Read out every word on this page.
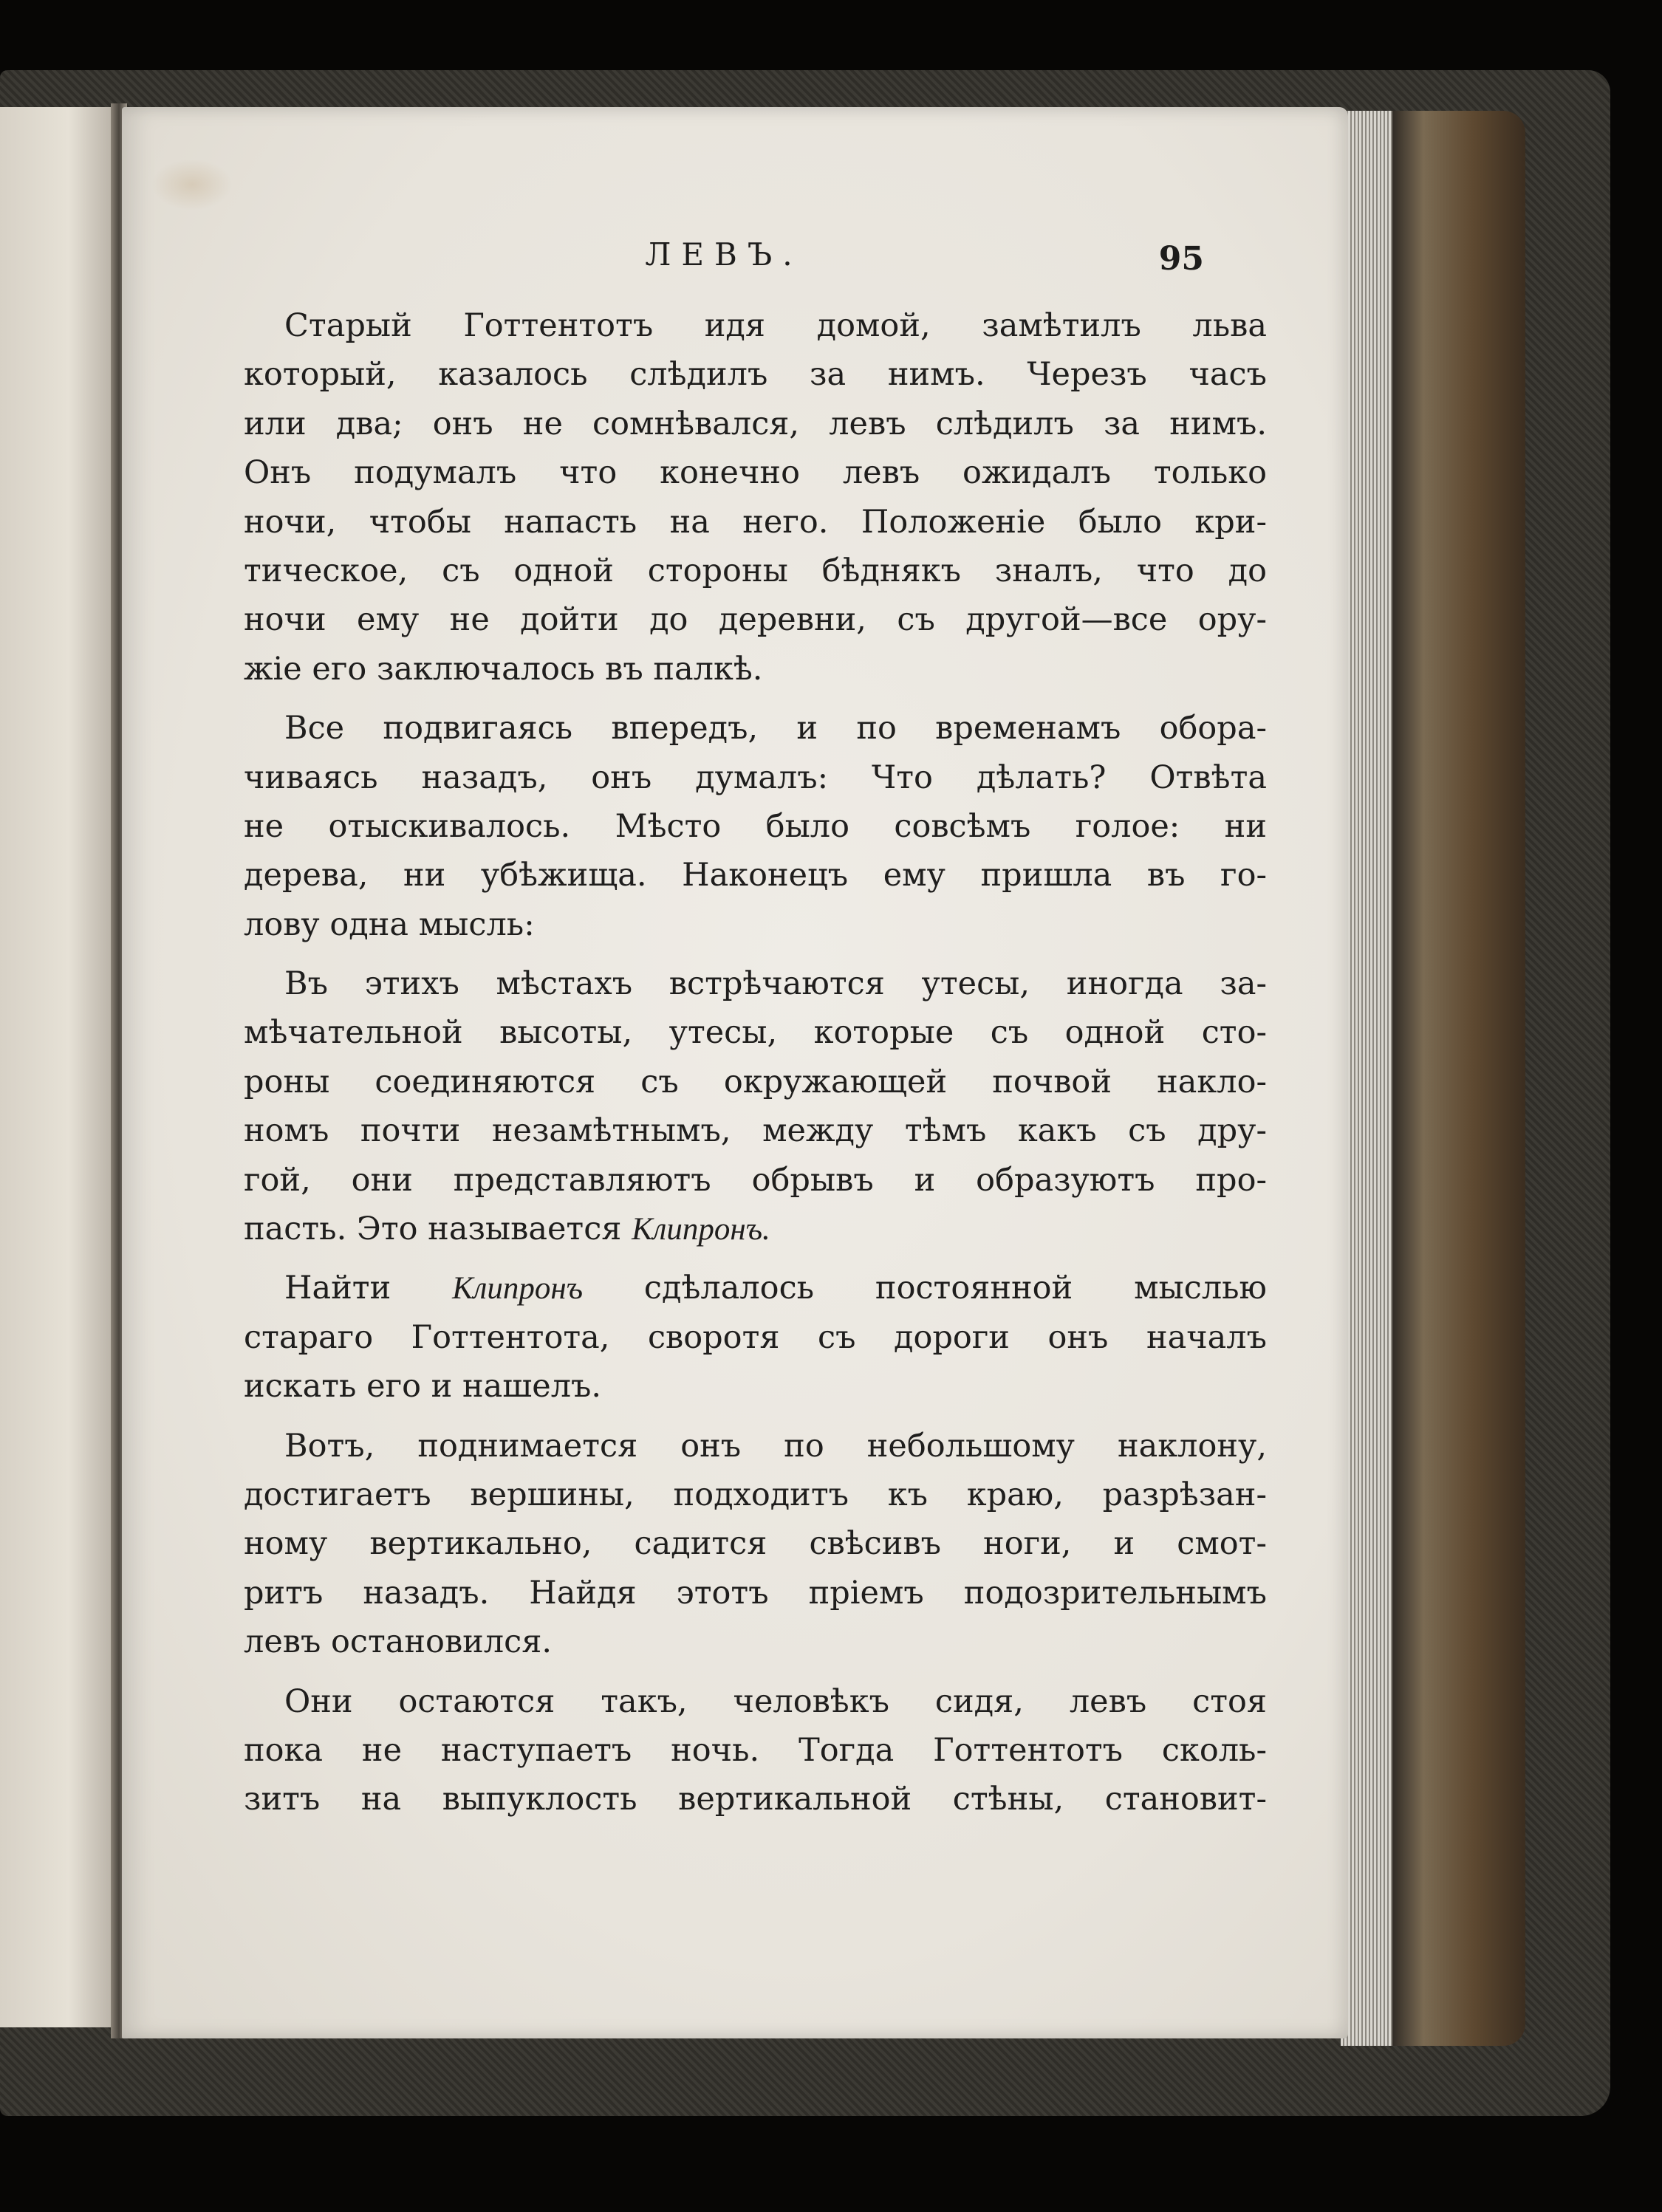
ЛЕВЪ.	95
Старый Готтентотъ идя домой, замѣтилъ льва
который, казалось слѣдилъ за нимъ. Черезъ часъ
или два; онъ не сомнѣвался, левъ слѣдилъ за нимъ.
Онъ подумалъ что конечно левъ ожидалъ только
ночи, чтобы напасть на него. Положеніе было кри-
тическое, съ одной стороны бѣднякъ зналъ, что до
ночи ему не дойти до деревни, съ другой—все ору-
жіе его заключалось въ палкѣ.
Все подвигаясь впередъ, и по временамъ обора-
чиваясь назадъ, онъ думалъ: Что дѣлать? Отвѣта
не отыскивалось. Мѣсто было совсѣмъ голое: ни
дерева, ни убѣжища. Наконецъ ему пришла въ го-
лову одна мысль:
Въ этихъ мѣстахъ встрѣчаются утесы, иногда за-
мѣчательной высоты, утесы, которые съ одной сто-
роны соединяются съ окружающей почвой накло-
номъ почти незамѣтнымъ, между тѣмъ какъ съ дру-
гой, они представляютъ обрывъ и образуютъ про-
пасть. Это называется Клипронъ.
Найти Клипронъ сдѣлалось постоянной мыслью
стараго Готтентота, своротя съ дороги онъ началъ
искать его и нашелъ.
Вотъ, поднимается онъ по небольшому наклону,
достигаетъ вершины, подходитъ къ краю, разрѣзан-
ному вертикально, садится свѣсивъ ноги, и смот-
ритъ назадъ. Найдя этотъ пріемъ подозрительнымъ
левъ остановился.
Они остаются такъ, человѣкъ сидя, левъ стоя
пока не наступаетъ ночь. Тогда Готтентотъ сколь-
зитъ на выпуклость вертикальной стѣны, становит-
